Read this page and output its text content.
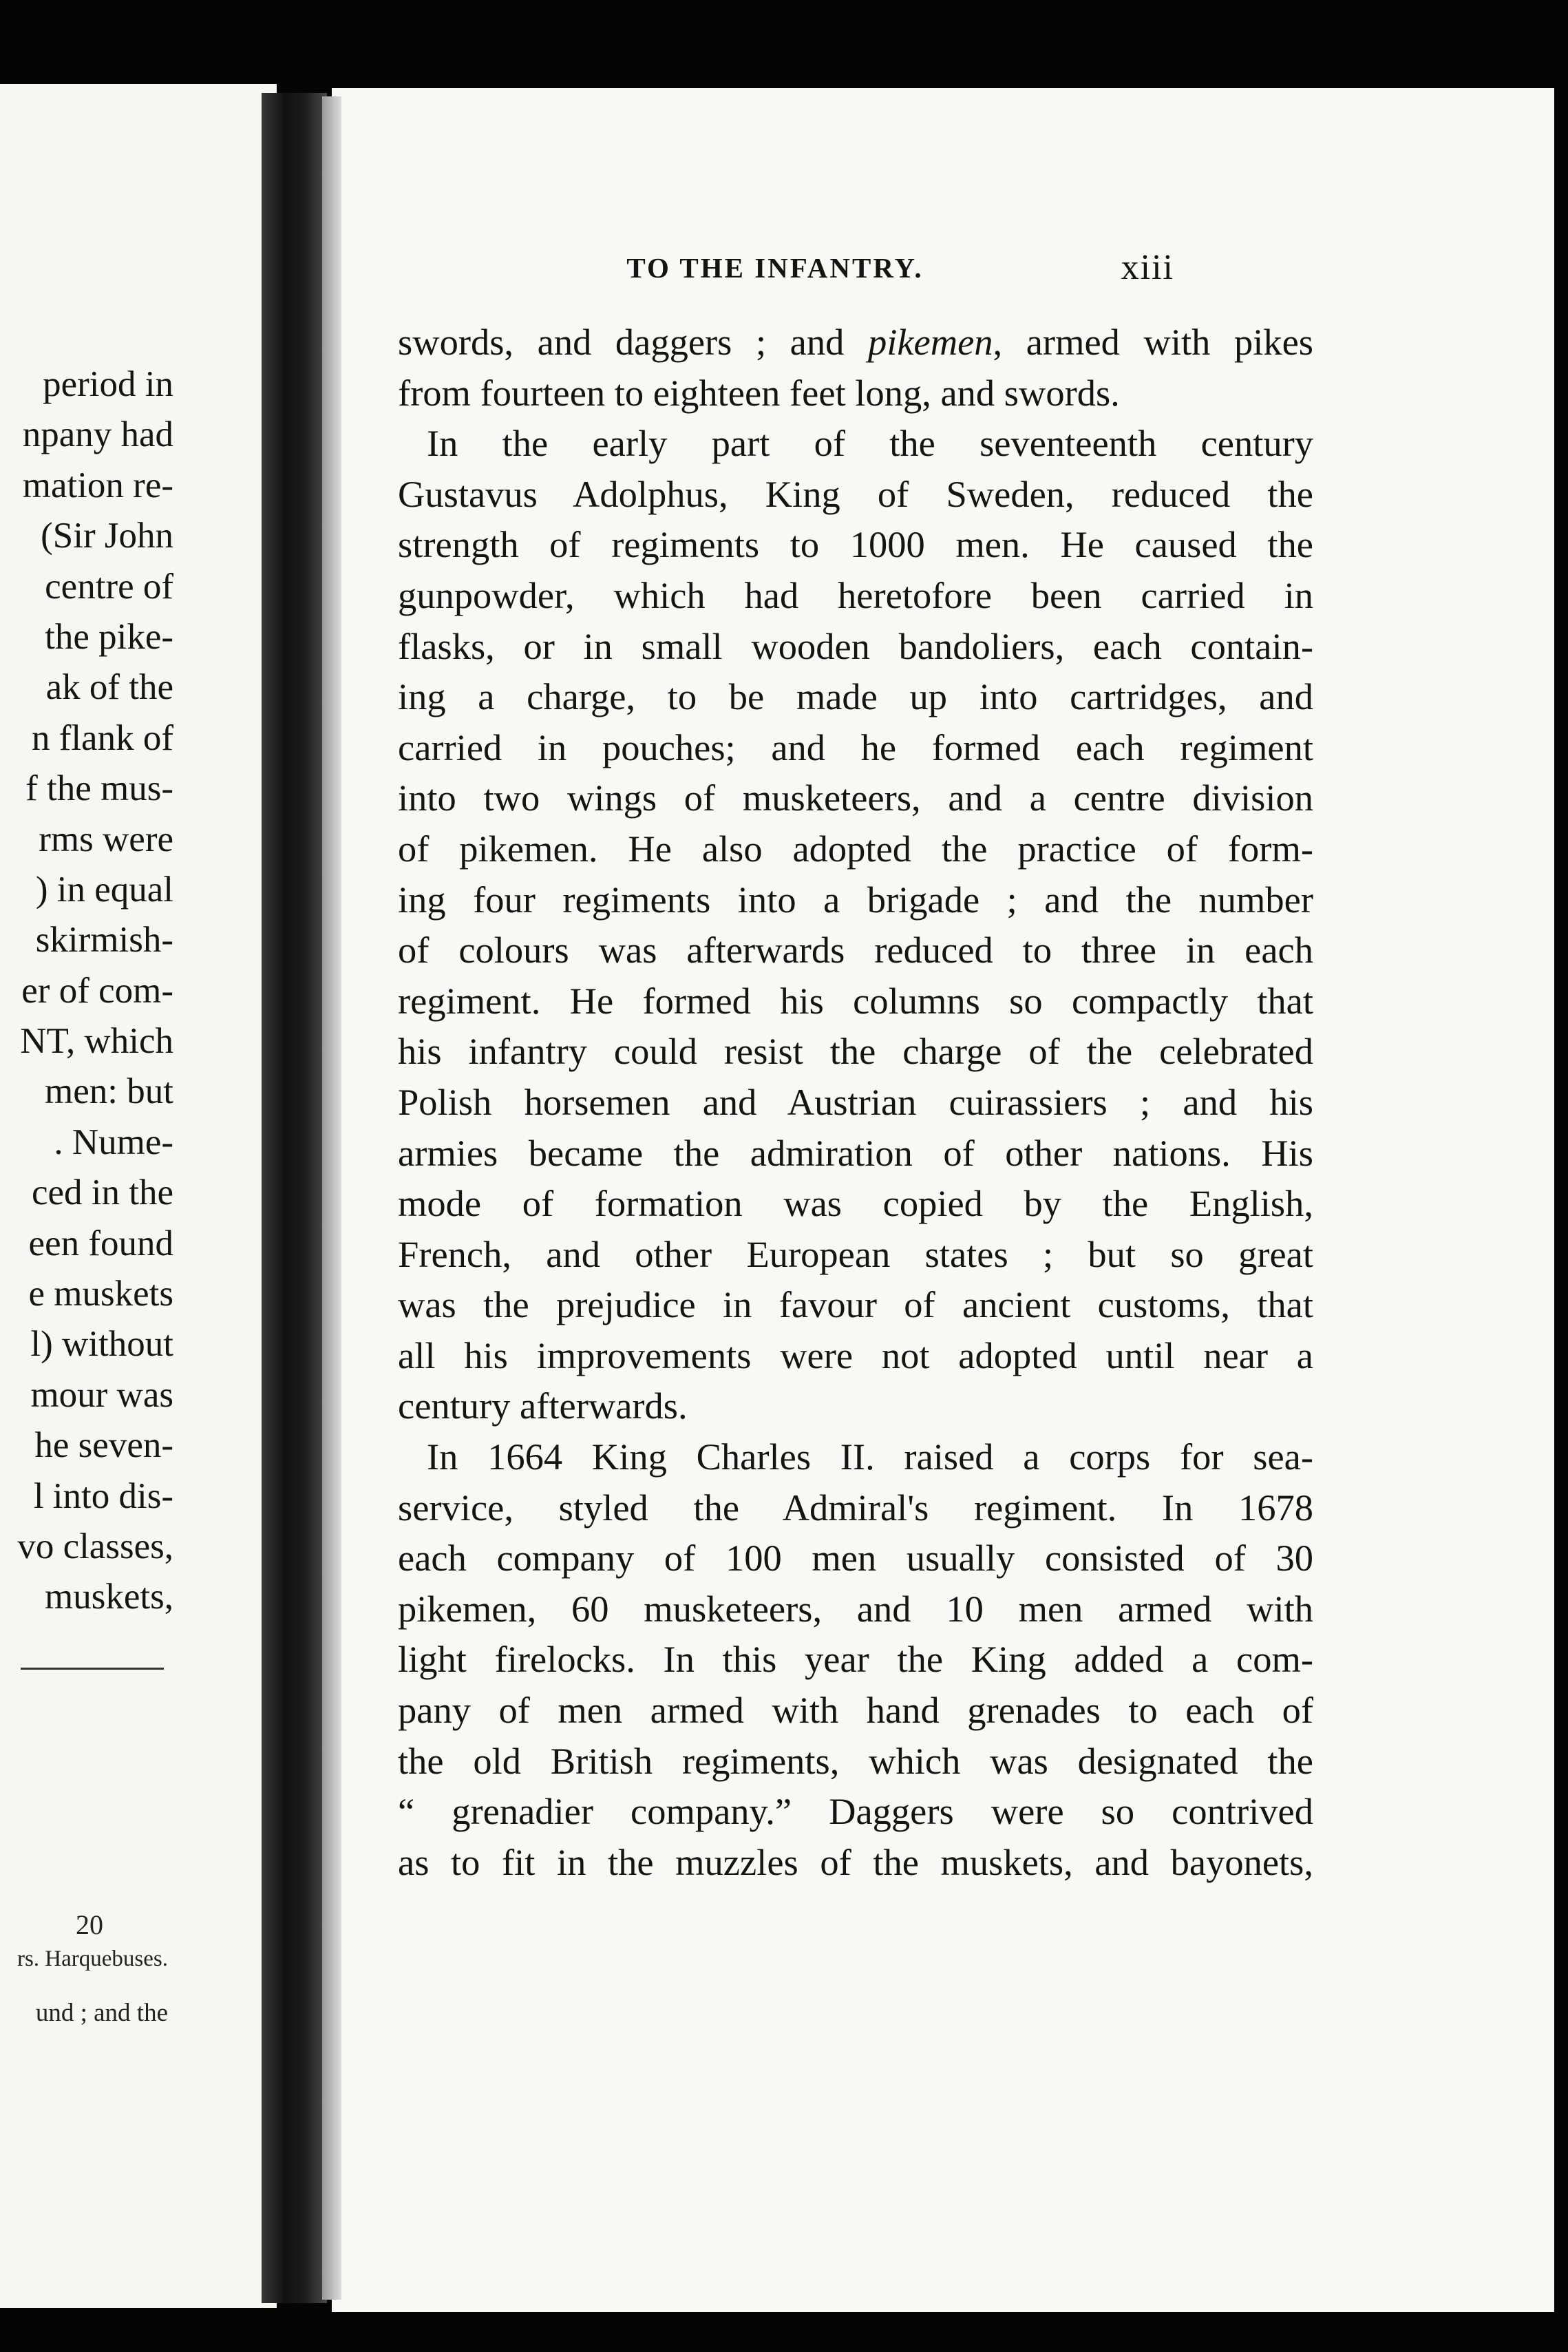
period in
npany had
mation re-
(Sir John
centre of
the pike-
ak of the
n flank of
f the mus-
rms were
) in equal
skirmish-
er of com-
NT, which
men: but
. Nume-
ced in the
een found
e muskets
l) without
mour was
he seven-
l into dis-
vo classes,
muskets,
20
rs. Harquebuses.
und ; and the
TO THE INFANTRY.	xiii
swords, and daggers ; and pikemen, armed with pikes
from fourteen to eighteen feet long, and swords.
In the early part of the seventeenth century
Gustavus Adolphus, King of Sweden, reduced the
strength of regiments to 1000 men. He caused the
gunpowder, which had heretofore been carried in
flasks, or in small wooden bandoliers, each contain-
ing a charge, to be made up into cartridges, and
carried in pouches; and he formed each regiment
into two wings of musketeers, and a centre division
of pikemen. He also adopted the practice of form-
ing four regiments into a brigade ; and the number
of colours was afterwards reduced to three in each
regiment. He formed his columns so compactly that
his infantry could resist the charge of the celebrated
Polish horsemen and Austrian cuirassiers ; and his
armies became the admiration of other nations. His
mode of formation was copied by the English,
French, and other European states ; but so great
was the prejudice in favour of ancient customs, that
all his improvements were not adopted until near a
century afterwards.
In 1664 King Charles II. raised a corps for sea-
service, styled the Admiral's regiment. In 1678
each company of 100 men usually consisted of 30
pikemen, 60 musketeers, and 10 men armed with
light firelocks. In this year the King added a com-
pany of men armed with hand grenades to each of
the old British regiments, which was designated the
“ grenadier company.” Daggers were so contrived
as to fit in the muzzles of the muskets, and bayonets,
